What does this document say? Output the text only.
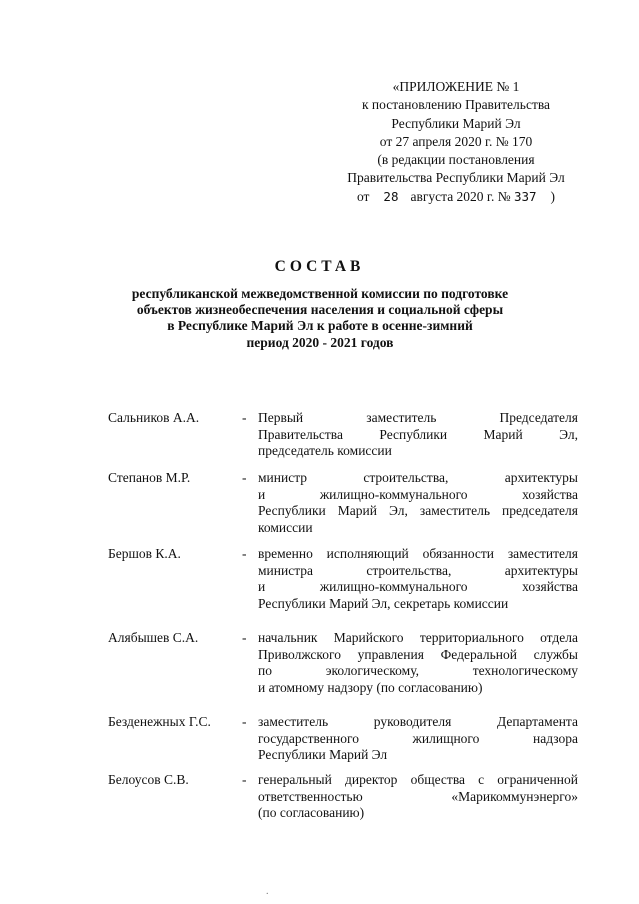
«ПРИЛОЖЕНИЕ № 1
к постановлению Правительства
Республики Марий Эл
от 27 апреля 2020 г. № 170
(в редакции постановления
Правительства Республики Марий Эл
от 28 августа 2020 г. № 337 )
СОСТАВ
республиканской межведомственной комиссии по подготовке
объектов жизнеобеспечения населения и социальной сферы
в Республике Марий Эл к работе в осенне-зимний
период 2020 - 2021 годов
Сальников А.А.	- Первый заместитель Председателя
Правительства Республики Марий Эл,
председатель комиссии
Степанов М.Р.	- министр строительства, архитектуры
и жилищно-коммунального хозяйства
Республики Марий Эл, заместитель председателя
комиссии
Бершов К.А.	- временно исполняющий обязанности заместителя
министра строительства, архитектуры
и жилищно-коммунального хозяйства
Республики Марий Эл, секретарь комиссии
Алябышев С.А.	- начальник Марийского территориального отдела
Приволжского управления Федеральной службы
по экологическому, технологическому
и атомному надзору (по согласованию)
Безденежных Г.С. - заместитель руководителя Департамента
государственного жилищного надзора
Республики Марий Эл
Белоусов С.В.	- генеральный директор общества с ограниченной
ответственностью «Марикоммунэнерго»
(по согласованию)
.
